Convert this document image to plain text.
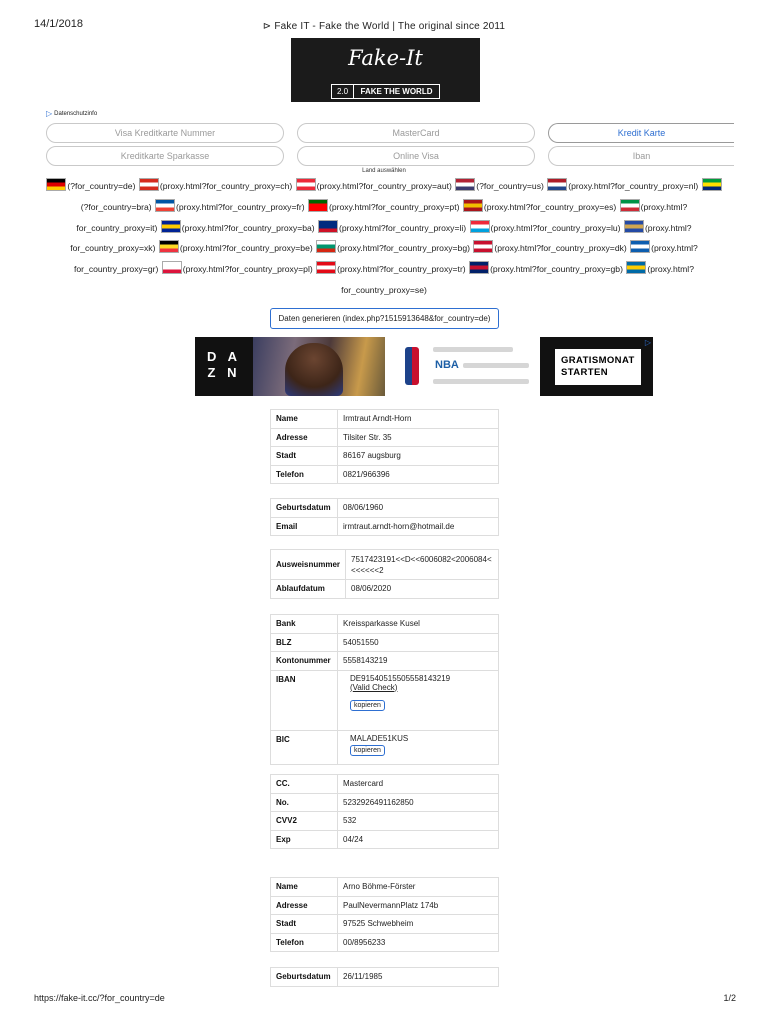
14/1/2018	⊳ Fake IT - Fake the World | The original since 2011
Fake-It
2.0	FAKE THE WORLD
▷ Datenschutzinfo
Visa Kreditkarte Nummer	MasterCard	Kredit Karte
Kreditkarte Sparkasse	Online Visa	Iban
Land auswählen
(?for_country=de)	(proxy.html?for_country_proxy=ch)	(proxy.html?for_country_proxy=aut)	(?for_country=us)	(proxy.html?for_country_proxy=nl) (?for_country=bra)	(proxy.html?for_country_proxy=fr)	(proxy.html?for_country_proxy=pt)	(proxy.html?for_country_proxy=es)	(proxy.html?for_country_proxy=it)	(proxy.html?for_country_proxy=ba)	(proxy.html?for_country_proxy=li)	(proxy.html?for_country_proxy=lu)	(proxy.html?for_country_proxy=xk)	(proxy.html?for_country_proxy=be)	(proxy.html?for_country_proxy=bg)	(proxy.html?for_country_proxy=dk)	(proxy.html?for_country_proxy=gr)	(proxy.html?for_country_proxy=pl)	(proxy.html?for_country_proxy=tr)	(proxy.html?for_country_proxy=gb)	(proxy.html?for_country_proxy=se)
Daten generieren (index.php?1515913648&for_country=de)
D A
Z N	NBA	GRATISMONAT
STARTEN
▷
Name	Irmtraut Arndt-Horn
Adresse	Tilsiter Str. 35
Stadt	86167 augsburg
Telefon	0821/966396
Geburtsdatum	08/06/1960
Email	irmtraut.arndt-horn@hotmail.de
Ausweisnummer	7517423191<<D<<6006082<2006084<<<<<<<2
Ablaufdatum	08/06/2020
Bank	Kreissparkasse Kusel
BLZ	54051550
Kontonummer	5558143219
IBAN	DE91540515505558143219
(Valid Check)
kopieren
BIC	MALADE51KUS
kopieren
CC.	Mastercard
No.	5232926491162850
CVV2	532
Exp	04/24
Name	Arno Böhme-Förster
Adresse	PaulNevermannPlatz 174b
Stadt	97525 Schwebheim
Telefon	00/8956233
Geburtsdatum	26/11/1985
https://fake-it.cc/?for_country=de	1/2
